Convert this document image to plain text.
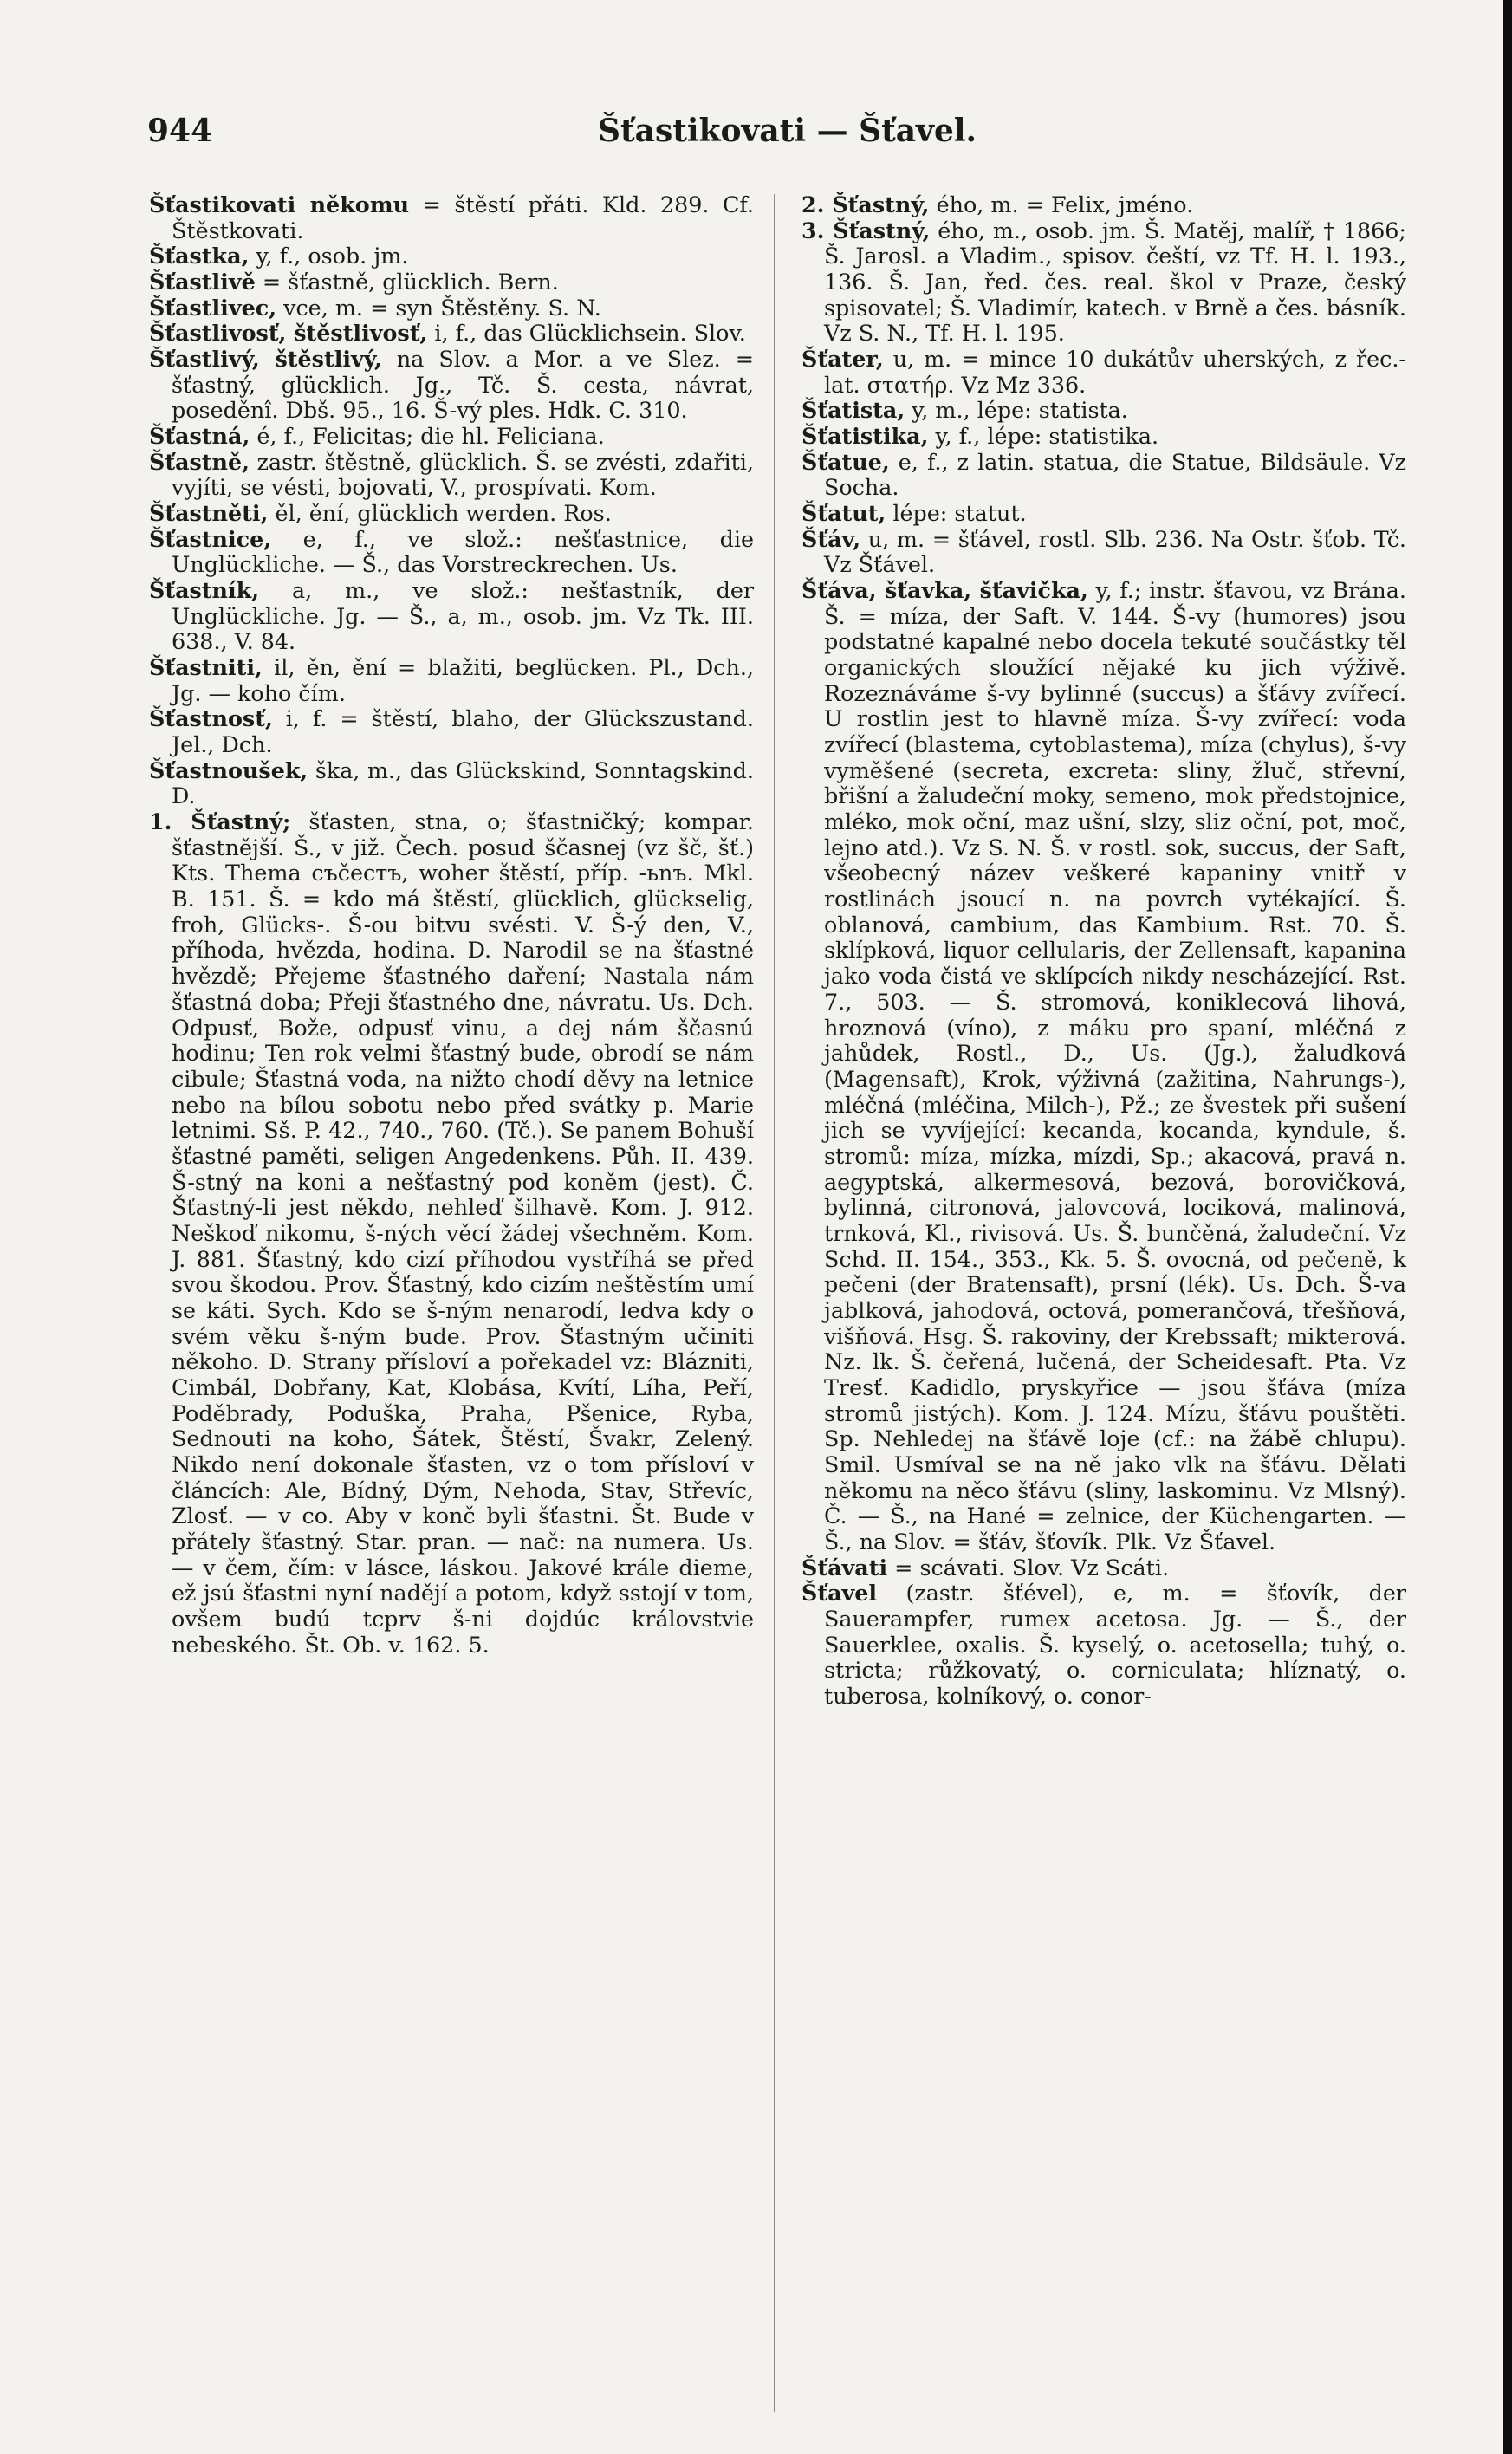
944	Šťastikovati — Šťavel.

Šťastikovati někomu = štěstí přáti. Kld. 289. Cf. Štěstkovati.

Šťastka, y, f., osob. jm.

Šťastlivě = šťastně, glücklich. Bern.

Šťastlivec, vce, m. = syn Štěstěny. S. N.

Šťastlivosť, štěstlivosť, i, f., das Glücklichsein. Slov.

Šťastlivý, štěstlivý, na Slov. a Mor. a ve Slez. = šťastný, glücklich. Jg., Tč. Š. cesta, návrat, poseděnî. Dbš. 95., 16. Š-vý ples. Hdk. C. 310.

Šťastná, é, f., Felicitas; die hl. Feliciana.

Šťastně, zastr. štěstně, glücklich. Š. se zvésti, zdařiti, vyjíti, se vésti, bojovati, V., prospívati. Kom.

Šťastněti, ěl, ění, glücklich werden. Ros.

Šťastnice, e, f., ve slož.: nešťastnice, die Unglückliche. — Š., das Vorstreckrechen. Us.

Šťastník, a, m., ve slož.: nešťastník, der Unglückliche. Jg. — Š., a, m., osob. jm. Vz Tk. III. 638., V. 84.

Šťastniti, il, ěn, ění = blažiti, beglücken. Pl., Dch., Jg. — koho čím.

Šťastnosť, i, f. = štěstí, blaho, der Glückszustand. Jel., Dch.

Šťastnoušek, ška, m., das Glückskind, Sonntagskind. D.

1. Šťastný; šťasten, stna, o; šťastničký; kompar. šťastnější. Š., v již. Čech. posud ščasnej (vz šč, šť.) Kts. Thema съčестъ, woher štěstí, příp. -ьnъ. Mkl. B. 151. Š. = kdo má štěstí, glücklich, glückselig, froh, Glücks-. Š-ou bitvu svésti. V. Š-ý den, V., příhoda, hvězda, hodina. D. Narodil se na šťastné hvězdě; Přejeme šťastného daření; Nastala nám šťastná doba; Přeji šťastného dne, návratu. Us. Dch. Odpusť, Bože, odpusť vinu, a dej nám ščasnú hodinu; Ten rok velmi šťastný bude, obrodí se nám cibule; Šťastná voda, na nižto chodí děvy na letnice nebo na bílou sobotu nebo před svátky p. Marie letnimi. Sš. P. 42., 740., 760. (Tč.). Se panem Bohuší šťastné paměti, seligen Angedenkens. Půh. II. 439. Š-stný na koni a nešťastný pod koněm (jest). Č. Šťastný-li jest někdo, nehleď šilhavě. Kom. J. 912. Neškoď nikomu, š-ných věcí žádej všechněm. Kom. J. 881. Šťastný, kdo cizí příhodou vystříhá se před svou škodou. Prov. Šťastný, kdo cizím neštěstím umí se káti. Sych. Kdo se š-ným nenarodí, ledva kdy o svém věku š-ným bude. Prov. Šťastným učiniti někoho. D. Strany přísloví a pořekadel vz: Blázniti, Cimbál, Dobřany, Kat, Klobása, Kvítí, Líha, Peří, Poděbrady, Poduška, Praha, Pšenice, Ryba, Sednouti na koho, Šátek, Štěstí, Švakr, Zelený. Nikdo není dokonale šťasten, vz o tom přísloví v článcích: Ale, Bídný, Dým, Nehoda, Stav, Střevíc, Zlosť. — v co. Aby v konč byli šťastni. Št. Bude v přátely šťastný. Star. pran. — nač: na numera. Us. — v čem, čím: v lásce, láskou. Jakové krále dieme, ež jsú šťastni nyní nadějí a potom, když sstojí v tom, ovšem budú tcprv š-ni dojdúc královstvie nebeského. Št. Ob. v. 162. 5.

2. Šťastný, ého, m. = Felix, jméno.

3. Šťastný, ého, m., osob. jm. Š. Matěj, malíř, † 1866; Š. Jarosl. a Vladim., spisov. čeští, vz Tf. H. l. 193., 136. Š. Jan, řed. čes. real. škol v Praze, český spisovatel; Š. Vladimír, katech. v Brně a čes. básník. Vz S. N., Tf. H. l. 195.

Šťater, u, m. = mince 10 dukátův uherských, z řec.-lat. στατήρ. Vz Mz 336.

Šťatista, y, m., lépe: statista.

Šťatistika, y, f., lépe: statistika.

Šťatue, e, f., z latin. statua, die Statue, Bildsäule. Vz Socha.

Šťatut, lépe: statut.

Šťáv, u, m. = šťável, rostl. Slb. 236. Na Ostr. šťob. Tč. Vz Šťável.

Šťáva, šťavka, šťavička, y, f.; instr. šťavou, vz Brána. Š. = míza, der Saft. V. 144. Š-vy (humores) jsou podstatné kapalné nebo docela tekuté součástky těl organických sloužící nějaké ku jich výživě. Rozeznáváme š-vy bylinné (succus) a šťávy zvířecí. U rostlin jest to hlavně míza. Š-vy zvířecí: voda zvířecí (blastema, cytoblastema), míza (chylus), š-vy vyměšené (secreta, excreta: sliny, žluč, střevní, břišní a žaludeční moky, semeno, mok předstojnice, mléko, mok oční, maz ušní, slzy, sliz oční, pot, moč, lejno atd.). Vz S. N. Š. v rostl. sok, succus, der Saft, všeobecný název veškeré kapaniny vnitř v rostlinách jsoucí n. na povrch vytékající. Š. oblanová, cambium, das Kambium. Rst. 70. Š. sklípková, liquor cellularis, der Zellensaft, kapanina jako voda čistá ve sklípcích nikdy nescházející. Rst. 7., 503. — Š. stromová, koniklecová lihová, hroznová (víno), z máku pro spaní, mléčná z jahůdek, Rostl., D., Us. (Jg.), žaludková (Magensaft), Krok, výživná (zažitina, Nahrungs-), mléčná (mléčina, Milch-), Pž.; ze švestek při sušení jich se vyvíjející: kecanda, kocanda, kyndule, š. stromů: míza, mízka, mízdi, Sp.; akacová, pravá n. aegyptská, alkermesová, bezová, borovičková, bylinná, citronová, jalovcová, lociková, malinová, trnková, Kl., rivisová. Us. Š. bunčěná, žaludeční. Vz Schd. II. 154., 353., Kk. 5. Š. ovocná, od pečeně, k pečeni (der Bratensaft), prsní (lék). Us. Dch. Š-va jablková, jahodová, octová, pomerančová, třešňová, višňová. Hsg. Š. rakoviny, der Krebssaft; mikterová. Nz. lk. Š. čeřená, lučená, der Scheidesaft. Pta. Vz Tresť. Kadidlo, pryskyřice — jsou šťáva (míza stromů jistých). Kom. J. 124. Mízu, šťávu pouštěti. Sp. Nehledej na šťávě loje (cf.: na žábě chlupu). Smil. Usmíval se na ně jako vlk na šťávu. Dělati někomu na něco šťávu (sliny, laskominu. Vz Mlsný). Č. — Š., na Hané = zelnice, der Küchengarten. — Š., na Slov. = šťáv, šťovík. Plk. Vz Šťavel.

Šťávati = scávati. Slov. Vz Scáti.

Šťavel (zastr. šťével), e, m. = šťovík, der Sauerampfer, rumex acetosa. Jg. — Š., der Sauerklee, oxalis. Š. kyselý, o. acetosella; tuhý, o. stricta; růžkovatý, o. corniculata; hlíznatý, o. tuberosa, kolníkový, o. conor-
